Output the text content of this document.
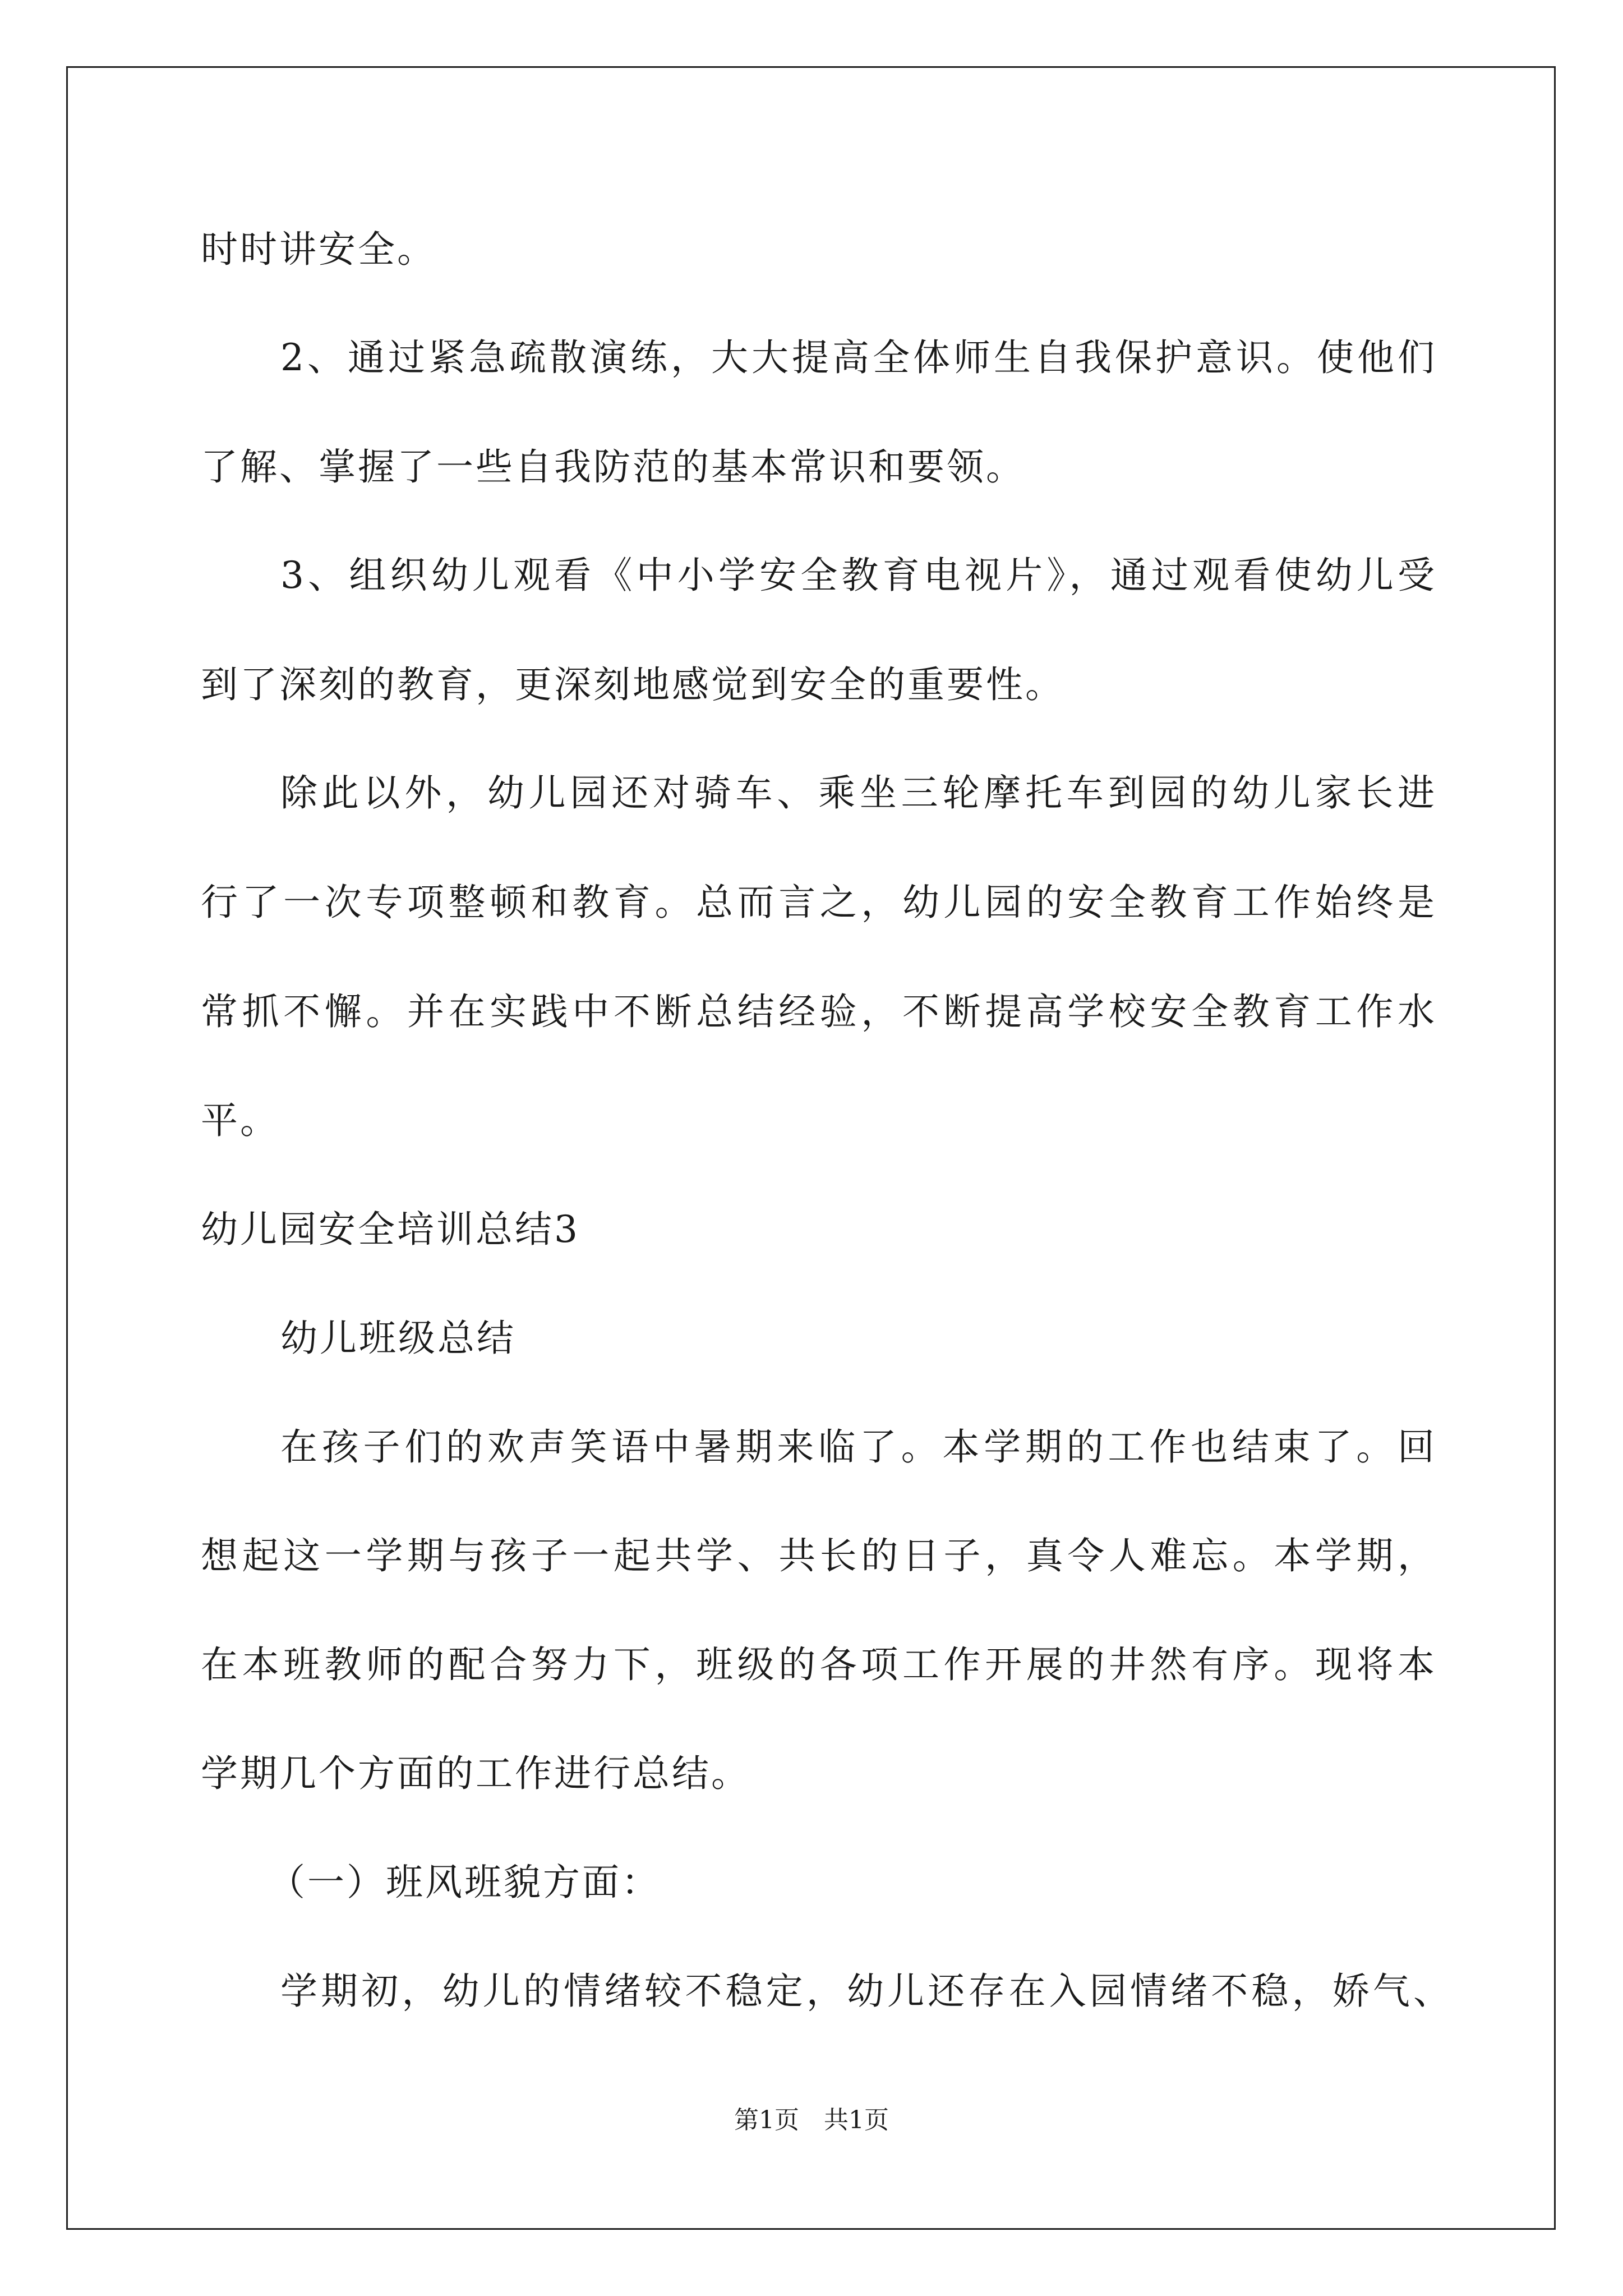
时时讲安全。
2、通过紧急疏散演练，大大提高全体师生自我保护意识。使他们
了解、掌握了一些自我防范的基本常识和要领。
3、组织幼儿观看《中小学安全教育电视片》，通过观看使幼儿受
到了深刻的教育，更深刻地感觉到安全的重要性。
除此以外，幼儿园还对骑车、乘坐三轮摩托车到园的幼儿家长进
行了一次专项整顿和教育。总而言之，幼儿园的安全教育工作始终是
常抓不懈。并在实践中不断总结经验，不断提高学校安全教育工作水
平。
幼儿园安全培训总结3
幼儿班级总结
在孩子们的欢声笑语中暑期来临了。本学期的工作也结束了。回
想起这一学期与孩子一起共学、共长的日子，真令人难忘。本学期，
在本班教师的配合努力下，班级的各项工作开展的井然有序。现将本
学期几个方面的工作进行总结。
（一）班风班貌方面：
学期初，幼儿的情绪较不稳定，幼儿还存在入园情绪不稳，娇气、
第1页　共1页
